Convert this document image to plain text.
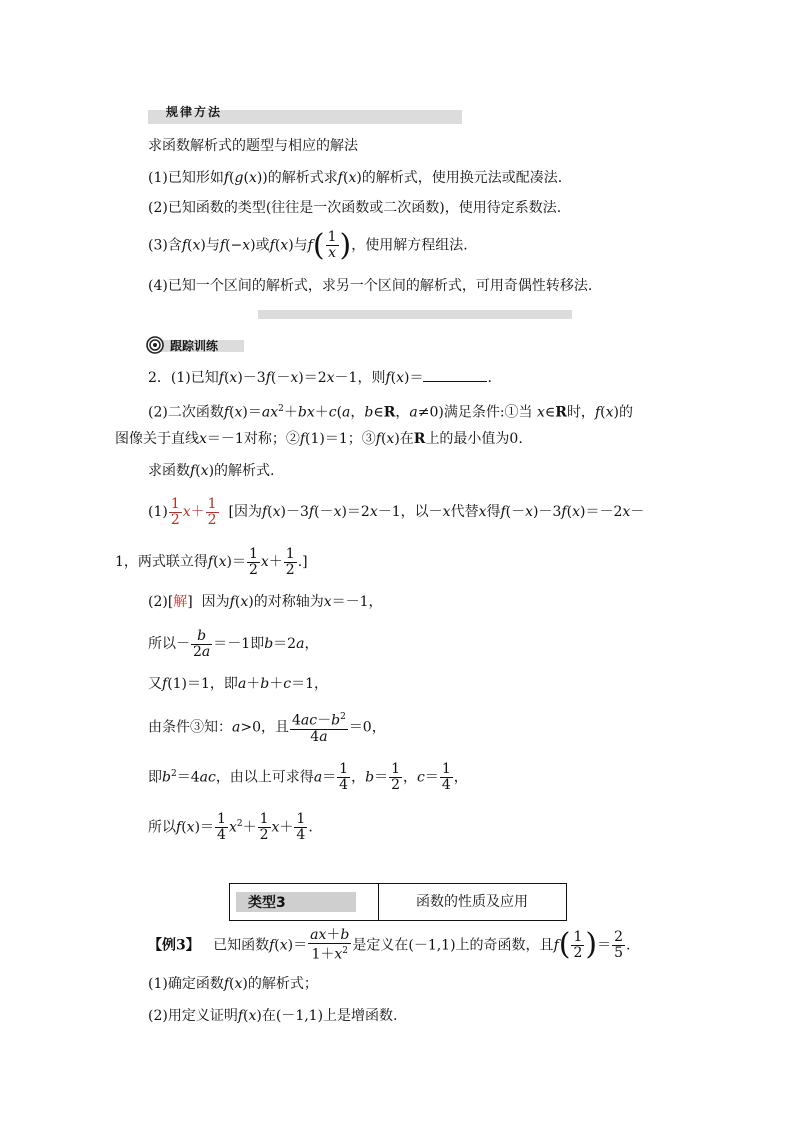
规律方法
求函数解析式的题型与相应的解法
(1)已知形如f(g(x))的解析式求f(x)的解析式，使用换元法或配凑法.
(2)已知函数的类型(往往是一次函数或二次函数)，使用待定系数法.
(3)含f(x)与f(−x)或f(x)与$f( \frac{1}{x}$ )，使用解方程组法.
(4)已知一个区间的解析式，求另一个区间的解析式，可用奇偶性转移法.
跟踪训练
2．(1)已知f(x)－3f(－x)＝2x－1，则f(x)＝	.
(2)二次函数$f(x)=ax^2+bx+c(a$，b∈R，a≠0)满足条件:①当 x∈R时，f(x)的
图像关于直线x＝－1对称；②f(1)＝1；③f(x)在R上的最小值为0.
求函数f(x)的解析式.
$(1) \frac{1}{2} x+ \frac{1}{2}$ [因为f(x)－3f(－x)＝2x－1，以－x代替x得f(－x)－3f(x)＝－2x－
1，两式联立得$f(x)= \frac{1}{2} x+ \frac{1}{2}$ .]
(2)[解]  因为f(x)的对称轴为x＝－1，
所以－ $\frac{b}{2a} =-1$即b＝2a，
又f(1)＝1，即a＋b＋c＝1，
由条件③知：a>0，且 $\frac{4ac-b^2}{4a} =0$，
即$b^2=4ac$，由以上可求得$a= \frac{1}{4}$ ，$b= \frac{1}{2}$ ，$c= \frac{1}{4}$ ，
所以$f(x)= \frac{1}{4} x^2+ \frac{1}{2} x+ \frac{1}{4}$ .
类型3	函数的性质及应用
【例3】   已知函数$f(x)= \frac{ax+b}{1+x^2}$ 是定义在(－1,1)上的奇函数，且$f( \frac{1}{2}$ )＝ $\frac{2}{5}$ .
(1)确定函数f(x)的解析式；
(2)用定义证明f(x)在(－1,1)上是增函数.
